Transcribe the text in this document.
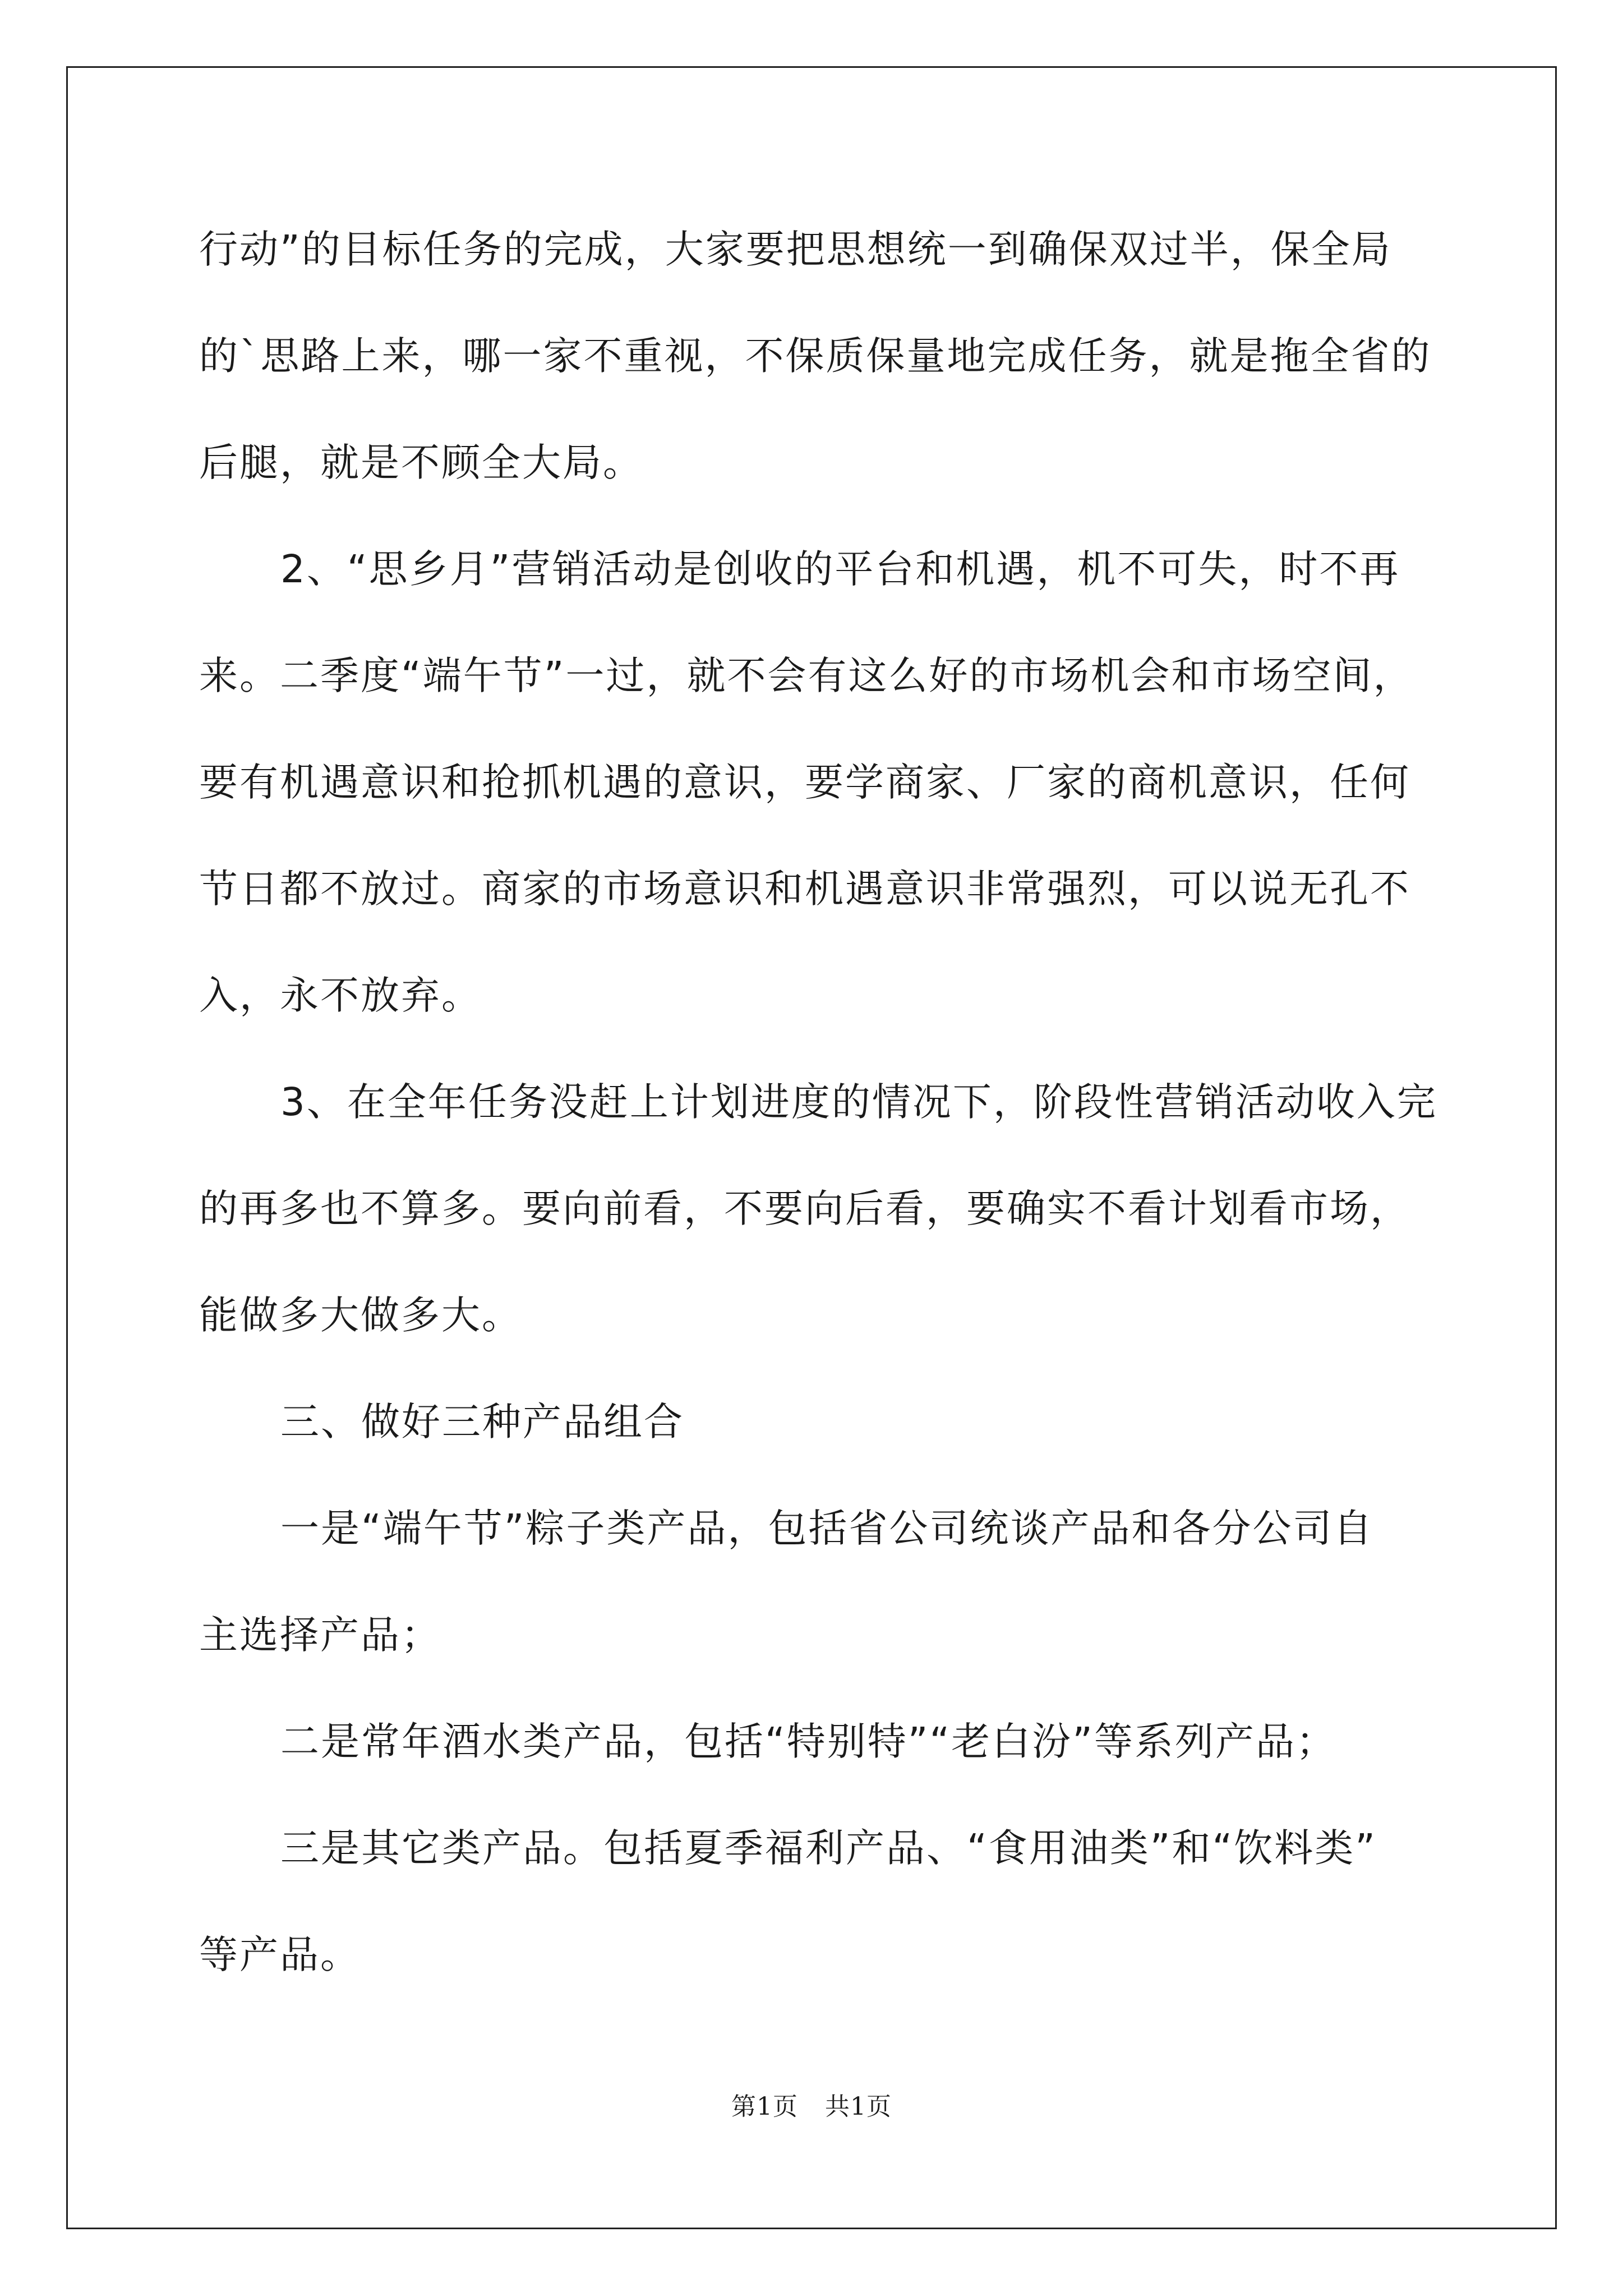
行动”的目标任务的完成，大家要把思想统一到确保双过半，保全局
的`思路上来，哪一家不重视，不保质保量地完成任务，就是拖全省的
后腿，就是不顾全大局。
2、“思乡月”营销活动是创收的平台和机遇，机不可失，时不再
来。二季度“端午节”一过，就不会有这么好的市场机会和市场空间，
要有机遇意识和抢抓机遇的意识，要学商家、厂家的商机意识，任何
节日都不放过。商家的市场意识和机遇意识非常强烈，可以说无孔不
入，永不放弃。
3、在全年任务没赶上计划进度的情况下，阶段性营销活动收入完
的再多也不算多。要向前看，不要向后看，要确实不看计划看市场，
能做多大做多大。
三、做好三种产品组合
一是“端午节”粽子类产品，包括省公司统谈产品和各分公司自
主选择产品；
二是常年酒水类产品，包括“特别特”“老白汾”等系列产品；
三是其它类产品。包括夏季福利产品、“食用油类”和“饮料类”
等产品。
第1页 共1页
